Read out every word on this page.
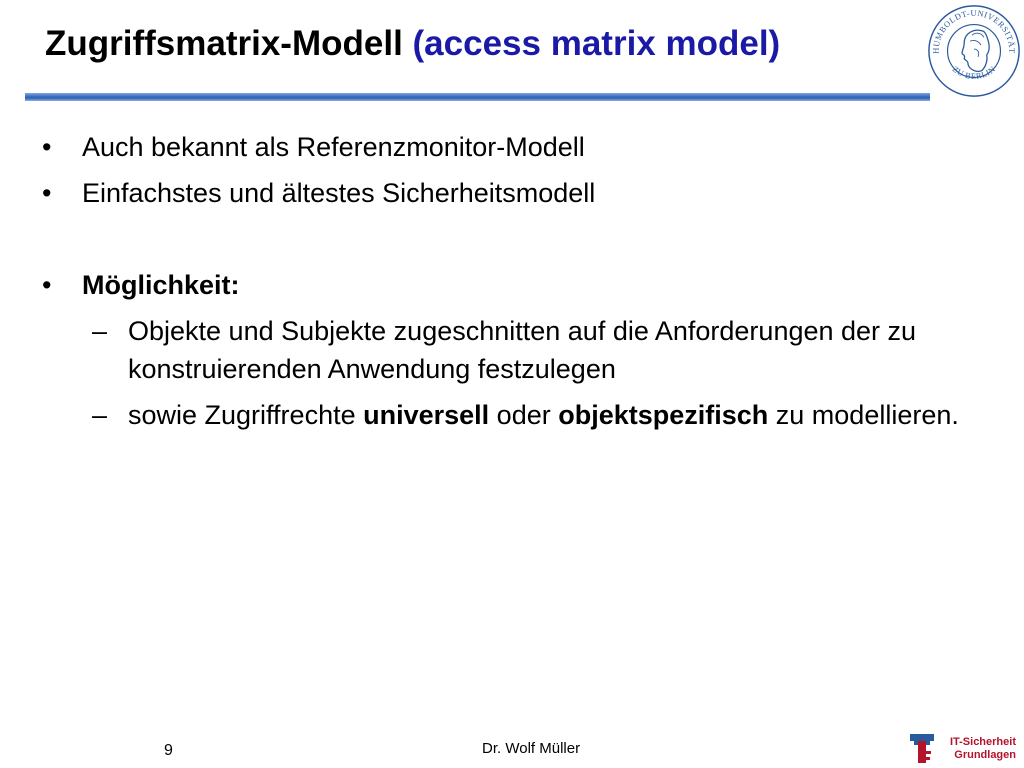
Zugriffsmatrix-Modell (access matrix model)	HUMBOLDT-UNIVERSITÄT
ZU BERLIN
• Auch bekannt als Referenzmonitor-Modell
• Einfachstes und ältestes Sicherheitsmodell
• Möglichkeit:
– Objekte und Subjekte zugeschnitten auf die Anforderungen der zu konstruierenden Anwendung festzulegen
– sowie Zugriffrechte universell oder objektspezifisch zu modellieren.
9	Dr. Wolf Müller	IT-Sicherheit
Grundlagen
